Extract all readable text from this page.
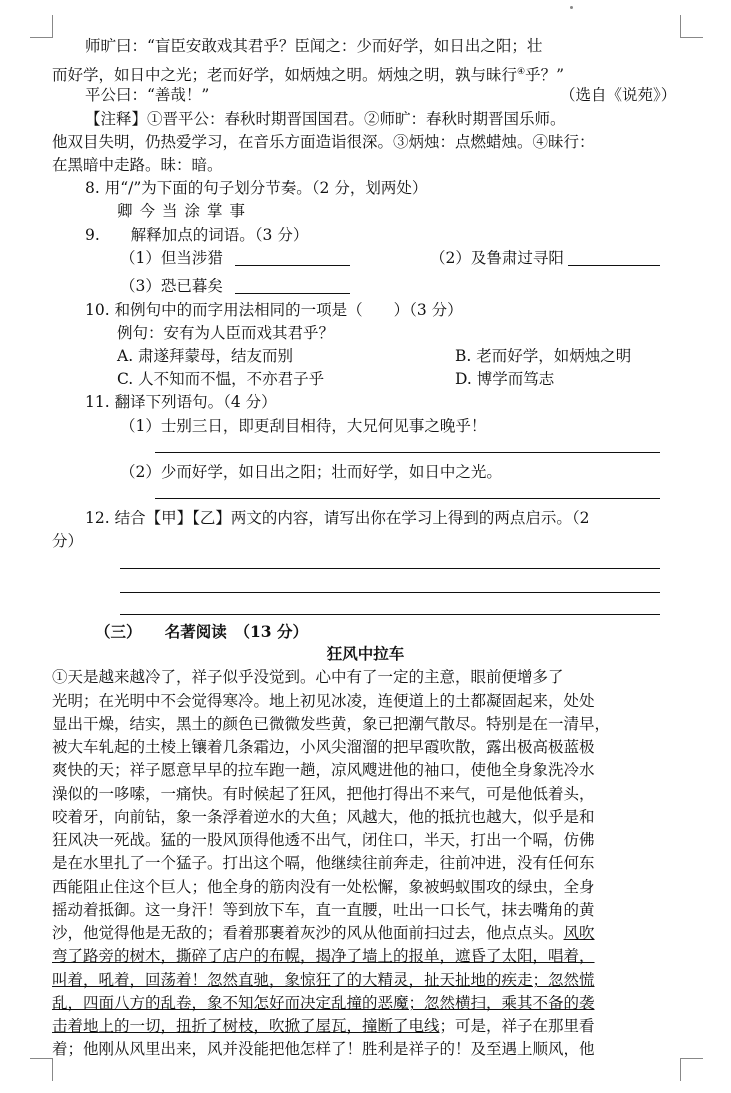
师旷曰：“盲臣安敢戏其君乎？臣闻之：少而好学，如日出之阳；壮
而好学，如日中之光；老而好学，如炳烛之明。炳烛之明，孰与昧行④乎？”
平公曰：“善哉！”	（选自《说苑》）
【注释】①晋平公：春秋时期晋国国君。②师旷：春秋时期晋国乐师。
他双目失明，仍热爱学习，在音乐方面造诣很深。③炳烛：点燃蜡烛。④昧行：
在黑暗中走路。昧：暗。
8. 用“/”为下面的句子划分节奏。（2 分，划两处）
卿今当涂掌事
9.　　解释加点的词语。（3 分）
（1）但当涉猎	（2）及鲁肃过寻阳
（3）恐已暮矣
10. 和例句中的而字用法相同的一项是（　　）（3 分）
例句：安有为人臣而戏其君乎？
A. 肃遂拜蒙母，结友而别	B. 老而好学，如炳烛之明
C. 人不知而不愠，不亦君子乎	D. 博学而笃志
11. 翻译下列语句。（4 分）
（1）士别三日，即更刮目相待，大兄何见事之晚乎！
（2）少而好学，如日出之阳；壮而好学，如日中之光。
12. 结合【甲】【乙】两文的内容，请写出你在学习上得到的两点启示。（2
分）
（三）　　名著阅读　（13 分）
狂风中拉车
①天是越来越冷了，祥子似乎没觉到。心中有了一定的主意，眼前便增多了
光明；在光明中不会觉得寒冷。地上初见冰凌，连便道上的土都凝固起来，处处
显出干燥，结实，黑土的颜色已微微发些黄，象已把潮气散尽。特别是在一清早，
被大车轧起的土棱上镶着几条霜边，小风尖溜溜的把早霞吹散，露出极高极蓝极
爽快的天；祥子愿意早早的拉车跑一趟，凉风飕进他的袖口，使他全身象洗冷水
澡似的一哆嗦，一痛快。有时候起了狂风，把他打得出不来气，可是他低着头，
咬着牙，向前钻，象一条浮着逆水的大鱼；风越大，他的抵抗也越大，似乎是和
狂风决一死战。猛的一股风顶得他透不出气，闭住口，半天，打出一个嗝，仿佛
是在水里扎了一个猛子。打出这个嗝，他继续往前奔走，往前冲进，没有任何东
西能阻止住这个巨人；他全身的筋肉没有一处松懈，象被蚂蚁围攻的绿虫，全身
摇动着抵御。这一身汗！等到放下车，直一直腰，吐出一口长气，抹去嘴角的黄
沙，他觉得他是无敌的；看着那裹着灰沙的风从他面前扫过去，他点点头。风吹
弯了路旁的树木，撕碎了店户的布幌，揭净了墙上的报单，遮昏了太阳，唱着，
叫着，吼着，回荡着！忽然直驰，象惊狂了的大精灵，扯天扯地的疾走；忽然慌
乱，四面八方的乱卷，象不知怎好而决定乱撞的恶魔；忽然横扫，乘其不备的袭
击着地上的一切，扭折了树枝，吹掀了屋瓦，撞断了电线；可是，祥子在那里看
着；他刚从风里出来，风并没能把他怎样了！胜利是祥子的！及至遇上顺风，他
